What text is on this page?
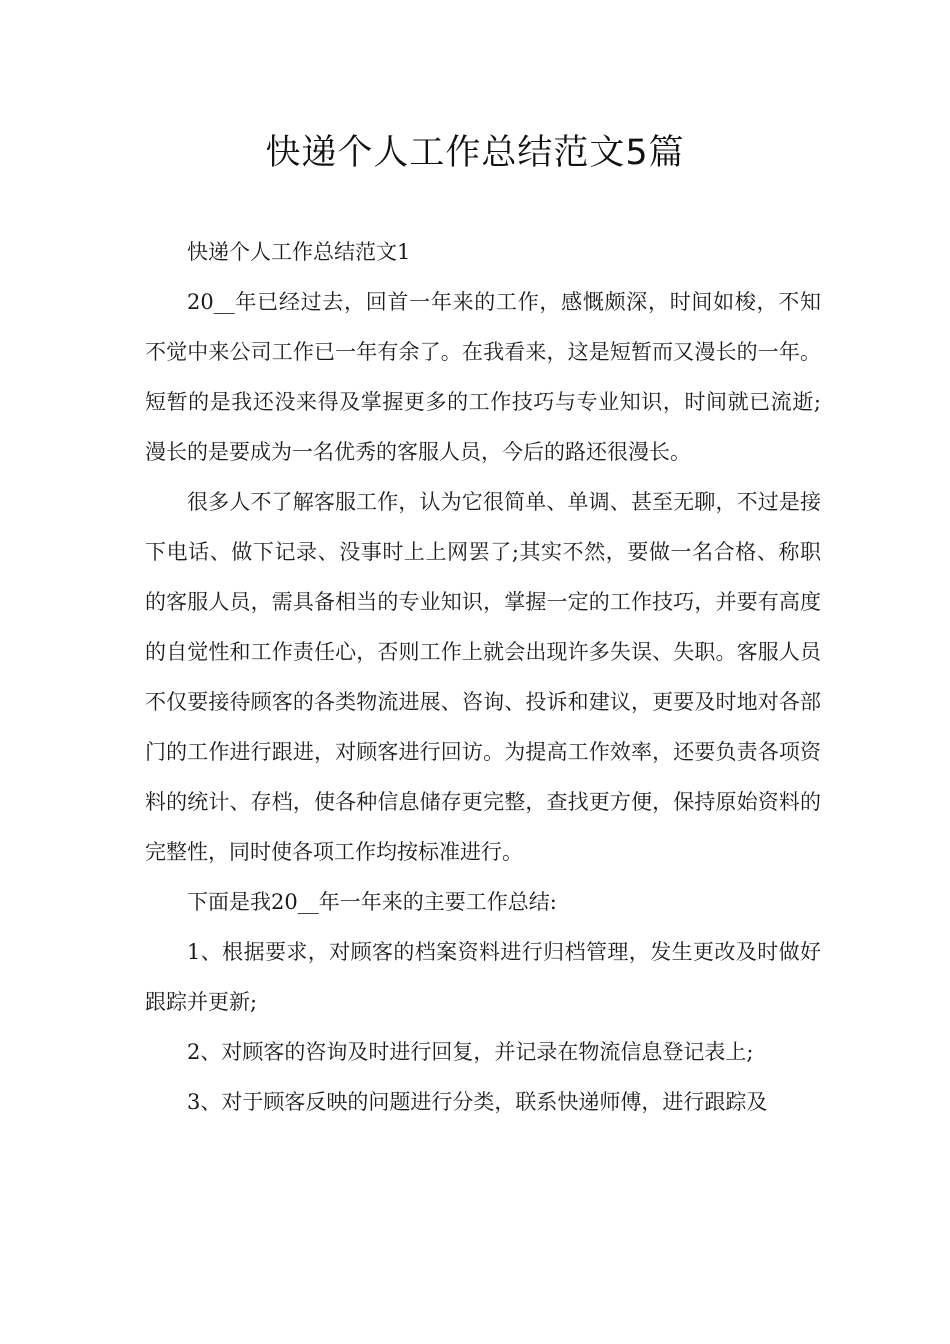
快递个人工作总结范文5篇

快递个人工作总结范文1

20__年已经过去，回首一年来的工作，感慨颇深，时间如梭，不知不觉中来公司工作已一年有余了。在我看来，这是短暂而又漫长的一年。短暂的是我还没来得及掌握更多的工作技巧与专业知识，时间就已流逝;漫长的是要成为一名优秀的客服人员，今后的路还很漫长。

很多人不了解客服工作，认为它很简单、单调、甚至无聊，不过是接下电话、做下记录、没事时上上网罢了;其实不然，要做一名合格、称职的客服人员，需具备相当的专业知识，掌握一定的工作技巧，并要有高度的自觉性和工作责任心，否则工作上就会出现许多失误、失职。客服人员不仅要接待顾客的各类物流进展、咨询、投诉和建议，更要及时地对各部门的工作进行跟进，对顾客进行回访。为提高工作效率，还要负责各项资料的统计、存档，使各种信息储存更完整，查找更方便，保持原始资料的完整性，同时使各项工作均按标准进行。

下面是我20__年一年来的主要工作总结:

1、根据要求，对顾客的档案资料进行归档管理，发生更改及时做好跟踪并更新;

2、对顾客的咨询及时进行回复，并记录在物流信息登记表上;

3、对于顾客反映的问题进行分类，联系快递师傅，进行跟踪及
